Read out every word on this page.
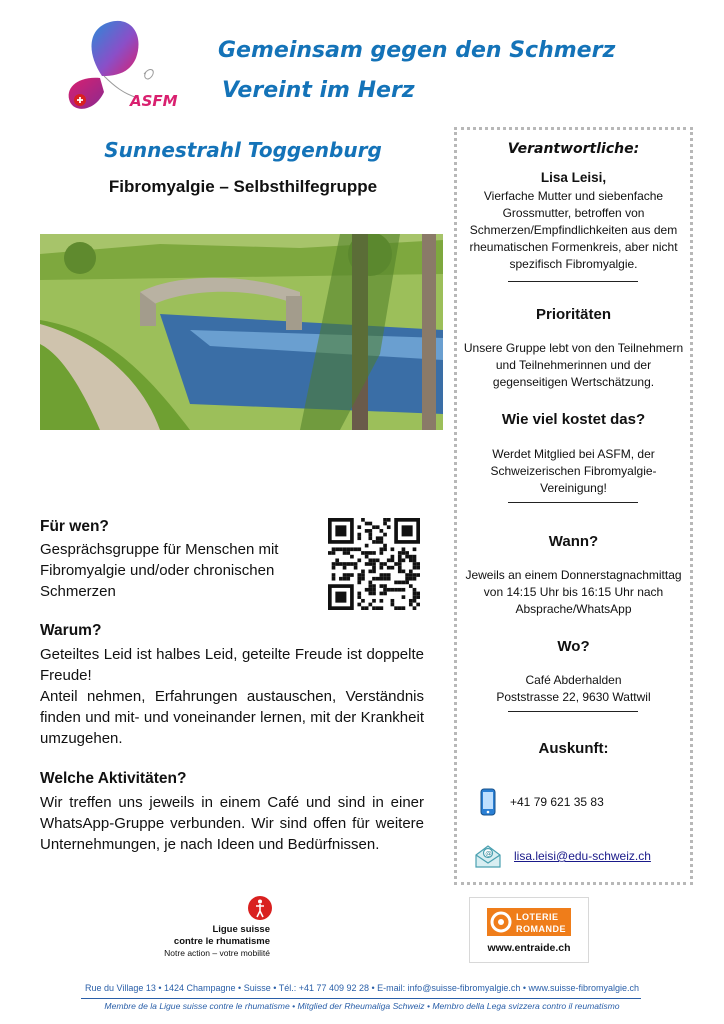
ASFM
Gemeinsam gegen den Schmerz
Vereint im Herz
Sunnestrahl Toggenburg
Fibromyalgie – Selbsthilfegruppe
Für wen?
Gesprächsgruppe für Menschen mit Fibromyalgie und/oder chronischen Schmerzen
Warum?
Geteiltes Leid ist halbes Leid, geteilte Freude ist doppelte Freude!
Anteil nehmen, Erfahrungen austauschen, Verständnis finden und mit- und voneinander lernen, mit der Krankheit umzugehen.
Welche Aktivitäten?
Wir treffen uns jeweils in einem Café und sind in einer WhatsApp-Gruppe verbunden. Wir sind offen für weitere Unternehmungen, je nach Ideen und Bedürfnissen.
Verantwortliche:
Lisa Leisi,
Vierfache Mutter und siebenfache Grossmutter, betroffen von Schmerzen/Empfindlichkeiten aus dem rheumatischen Formenkreis, aber nicht spezifisch Fibromyalgie.
Prioritäten
Unsere Gruppe lebt von den Teilnehmern und Teilnehmerinnen und der gegenseitigen Wertschätzung.
Wie viel kostet das?
Werdet Mitglied bei ASFM, der Schweizerischen Fibromyalgie-Vereinigung!
Wann?
Jeweils an einem Donnerstagnachmittag von 14:15 Uhr bis 16:15 Uhr nach Absprache/WhatsApp
Wo?
Café Abderhalden
Poststrasse 22, 9630 Wattwil
Auskunft:
+41 79 621 35 83
@ lisa.leisi@edu-schweiz.ch
Ligue suisse
contre le rhumatisme
Notre action – votre mobilité
LOTERIE
ROMANDE
www.entraide.ch
Rue du Village 13 • 1424 Champagne • Suisse • Tél.: +41 77 409 92 28 • E-mail: info@suisse-fibromyalgie.ch • www.suisse-fibromyalgie.ch
Membre de la Ligue suisse contre le rhumatisme • Mitglied der Rheumaliga Schweiz • Membro della Lega svizzera contro il reumatismo
